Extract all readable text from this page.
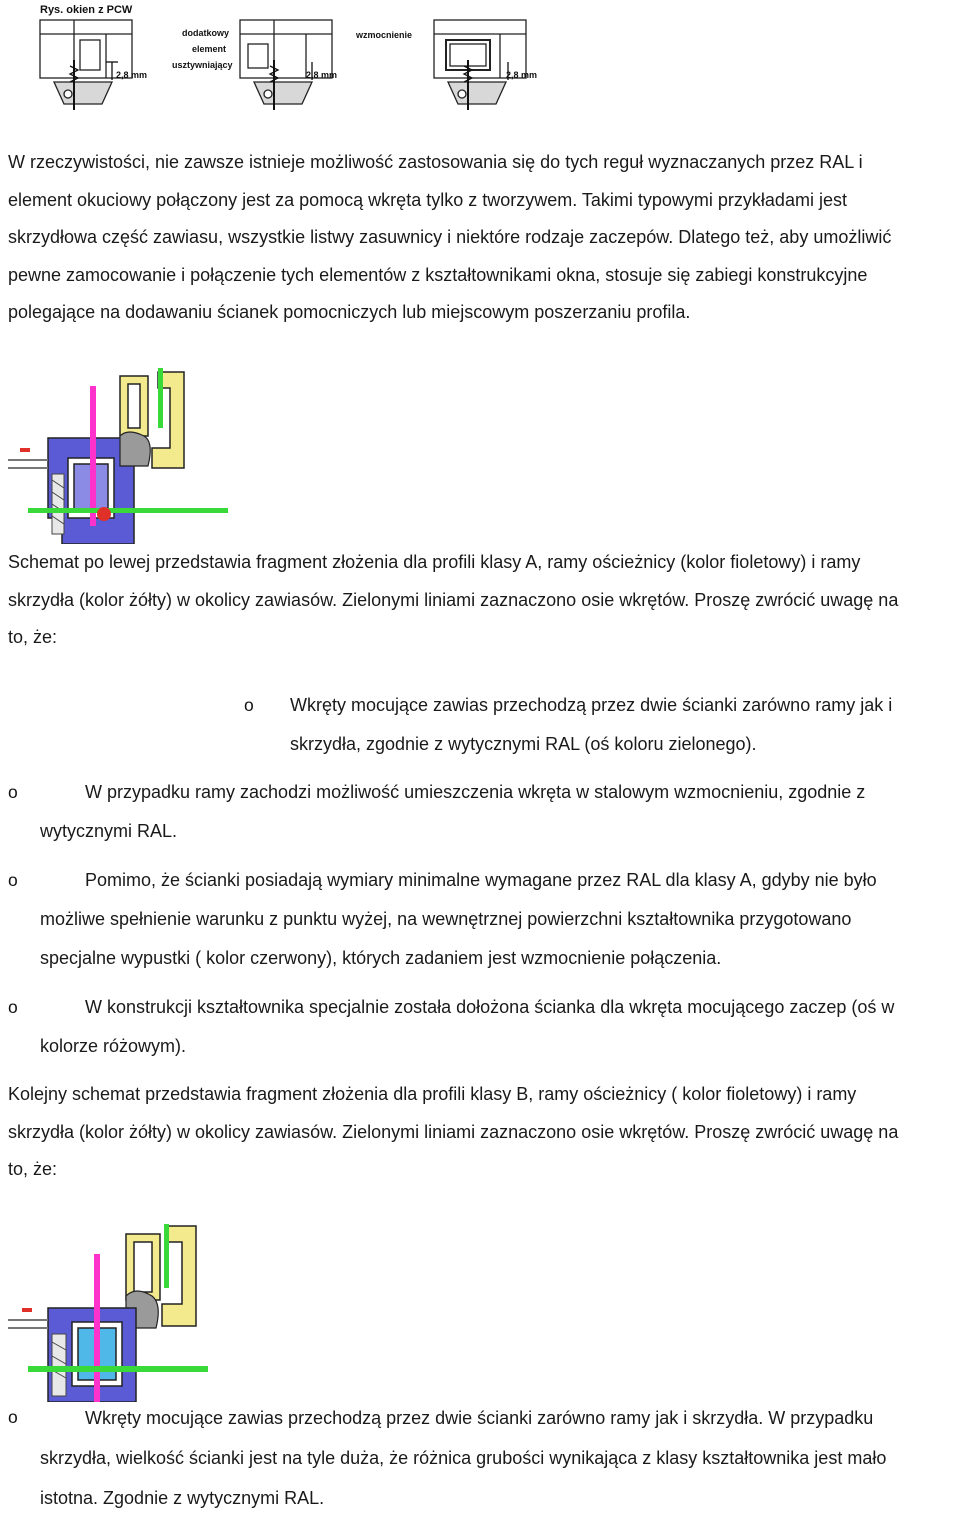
Rys. okien z PCW
2,8 mm
dodatkowy
element
usztywniający
2,8 mm
wzmocnienie
2,8 mm
W rzeczywistości, nie zawsze istnieje możliwość zastosowania się do tych reguł wyznaczanych przez RAL i
element okuciowy połączony jest za pomocą wkręta tylko z tworzywem. Takimi typowymi przykładami jest
skrzydłowa część zawiasu, wszystkie listwy zasuwnicy i niektóre rodzaje zaczepów. Dlatego też, aby umożliwić
pewne zamocowanie i połączenie tych elementów z kształtownikami okna, stosuje się zabiegi konstrukcyjne
polegające na dodawaniu ścianek pomocniczych lub miejscowym poszerzaniu profila.
Schemat po lewej przedstawia fragment złożenia dla profili klasy A, ramy ościeżnicy (kolor fioletowy) i ramy
skrzydła (kolor żółty) w okolicy zawiasów. Zielonymi liniami zaznaczono osie wkrętów. Proszę zwrócić uwagę na
to, że:
o Wkręty mocujące zawias przechodzą przez dwie ścianki zarówno ramy jak i
skrzydła, zgodnie z wytycznymi RAL (oś koloru zielonego).
o	W przypadku ramy zachodzi możliwość umieszczenia wkręta w stalowym wzmocnieniu, zgodnie z
wytycznymi RAL.
o	Pomimo, że ścianki posiadają wymiary minimalne wymagane przez RAL dla klasy A, gdyby nie było
możliwe spełnienie warunku z punktu wyżej, na wewnętrznej powierzchni kształtownika przygotowano
specjalne wypustki ( kolor czerwony), których zadaniem jest wzmocnienie połączenia.
o	W konstrukcji kształtownika specjalnie została dołożona ścianka dla wkręta mocującego zaczep (oś w
kolorze różowym).
Kolejny schemat przedstawia fragment złożenia dla profili klasy B, ramy ościeżnicy ( kolor fioletowy) i ramy
skrzydła (kolor żółty) w okolicy zawiasów. Zielonymi liniami zaznaczono osie wkrętów. Proszę zwrócić uwagę na
to, że:
o	Wkręty mocujące zawias przechodzą przez dwie ścianki zarówno ramy jak i skrzydła. W przypadku
skrzydła, wielkość ścianki jest na tyle duża, że różnica grubości wynikająca z klasy kształtownika jest mało
istotna. Zgodnie z wytycznymi RAL.
